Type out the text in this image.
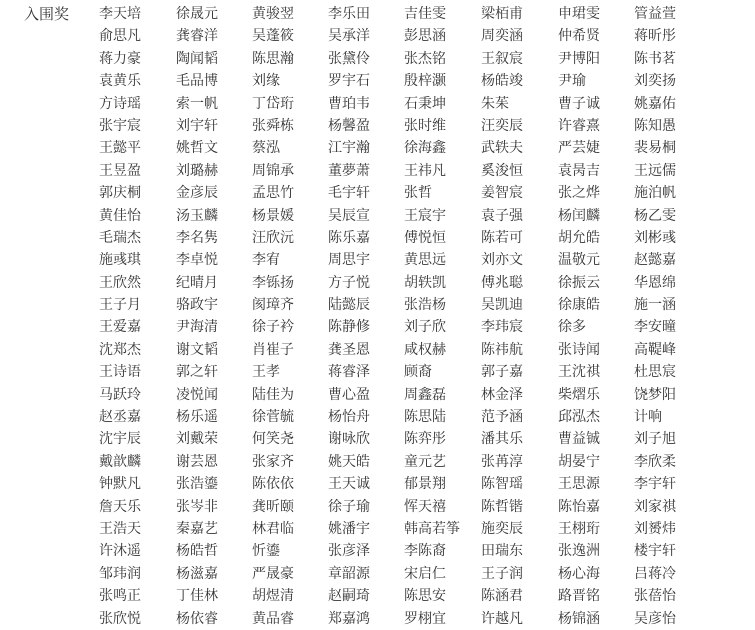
入围奖 李天培	徐晟元	黄骏翌	李乐田	吉佳雯	梁栢甫	申珺雯	管益萱
俞思凡	龚睿洋	吴蓬筱	吴承洋	彭思涵	周奕涵	仲希贤	蒋昕彤
蒋力豪	陶闻韬	陈思瀚	张黛伶	张杰铭	王叙宸	尹博阳	陈书茗
袁黄乐	毛品博	刘缘	罗宇石	殷梓灏	杨皓竣	尹瑜	刘奕扬
方诗瑶	索一帆	丁岱珩	曹珀韦	石秉坤	朱茱	曹子诚	姚嘉佑
张宇宸	刘宇轩	张舜栋	杨馨盈	张时维	汪奕辰	许睿熹	陈知愚
王懿平	姚哲文	蔡泓	江宇瀚	徐海鑫	武轶夫	严芸婕	裴易桐
王昱盈	刘璐赫	周锦承	董夢萧	王祎凡	奚浚恒	袁昺吉	王远儒
郭庆桐	金彦辰	孟思竹	毛宇轩	张哲	姜智宸	张之烨	施泊帆
黄佳怡	汤玉麟	杨景媛	吴辰宣	王宸宇	袁子强	杨闰麟	杨乙雯
毛瑞杰	李名隽	汪欣沅	陈乐嘉	傅悦恒	陈若可	胡允皓	刘彬彧
施彧琪	李卓悦	李宥	周思宇	黄思远	刘亦文	温敬元	赵懿嘉
王欣然	纪晴月	李铄扬	方子悦	胡轶凯	傅兆聪	徐振云	华恩绵
王子月	骆政宇	阂璋齐	陆懿辰	张浩杨	吴凯迪	徐康皓	施一涵
王爱嘉	尹海清	徐子衿	陈静修	刘子欣	李玮宸	徐多	李安曈
沈郑杰	谢文韬	肖崔子	龚圣恩	咸权赫	陈祎航	张诗闻	高鞮峰
王诗语	郭之轩	王孝	蒋睿泽	顾裔	郭子嘉	王沈祺	杜思宸
马跃玲	凌悦闻	陆佳为	曹心盈	周鑫磊	林金泽	柴熠乐	饶梦阳
赵丞嘉	杨乐遥	徐菅毓	杨怡舟	陈思陆	范予涵	邱泓杰	计响
沈宇辰	刘戴荣	何笑尧	谢咏欣	陈弈彤	潘其乐	曹益铖	刘子旭
戴歆麟	谢芸恩	张家齐	姚天皓	童元艺	张苒淳	胡晏宁	李欣柔
钟默凡	张浩鎏	陈依依	王天诚	郁景翔	陈智瑶	王思源	李宇轩
詹天乐	张岑非	龚昕颐	徐子瑜	恽天禧	陈哲锴	陈怡嘉	刘家祺
王浩天	秦嘉艺	林君临	姚潘宇	韩高若筝	施奕辰	王栩珩	刘赟炜
许沐遥	杨皓哲	忻鎏	张彦泽	李陈裔	田瑞东	张逸洲	楼宇轩
邹玮润	杨滋嘉	严晟豪	章韶源	宋启仁	王子润	杨心海	吕蒋冷
张鸣正	丁佳林	胡煜清	赵嗣琦	陈思安	陈涵君	路晋铭	张蓓怡
张欣悦	杨依睿	黄品睿	郑嘉鸿	罗栩宜	许越凡	杨锦涵	吴彦怡
